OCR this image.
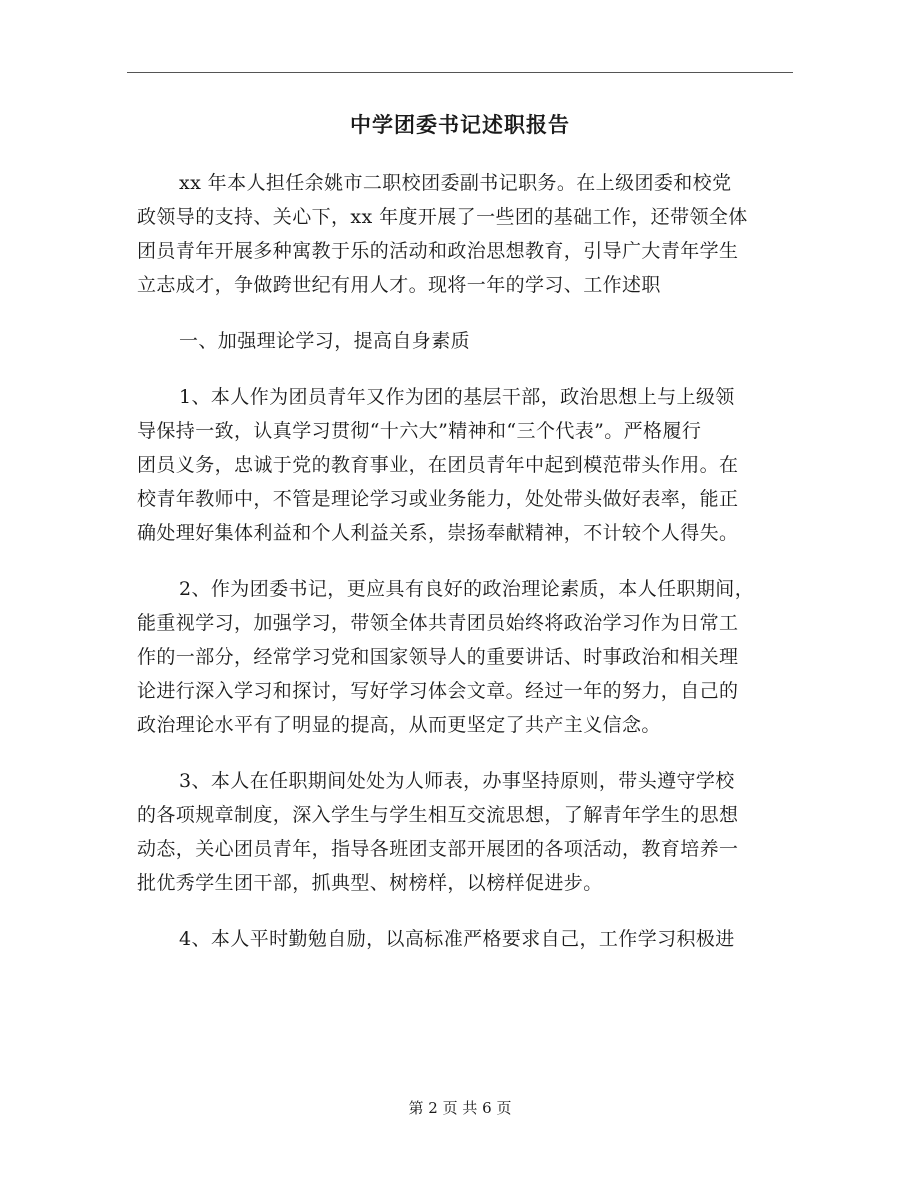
中学团委书记述职报告
xx 年本人担任余姚市二职校团委副书记职务。在上级团委和校党
政领导的支持、关心下，xx 年度开展了一些团的基础工作，还带领全体
团员青年开展多种寓教于乐的活动和政治思想教育，引导广大青年学生
立志成才，争做跨世纪有用人才。现将一年的学习、工作述职
一、加强理论学习，提高自身素质
1、本人作为团员青年又作为团的基层干部，政治思想上与上级领
导保持一致，认真学习贯彻“十六大”精神和“三个代表”。严格履行
团员义务，忠诚于党的教育事业，在团员青年中起到模范带头作用。在
校青年教师中，不管是理论学习或业务能力，处处带头做好表率，能正
确处理好集体利益和个人利益关系，崇扬奉献精神，不计较个人得失。
2、作为团委书记，更应具有良好的政治理论素质，本人任职期间，
能重视学习，加强学习，带领全体共青团员始终将政治学习作为日常工
作的一部分，经常学习党和国家领导人的重要讲话、时事政治和相关理
论进行深入学习和探讨，写好学习体会文章。经过一年的努力，自己的
政治理论水平有了明显的提高，从而更坚定了共产主义信念。
3、本人在任职期间处处为人师表，办事坚持原则，带头遵守学校
的各项规章制度，深入学生与学生相互交流思想，了解青年学生的思想
动态，关心团员青年，指导各班团支部开展团的各项活动，教育培养一
批优秀学生团干部，抓典型、树榜样，以榜样促进步。
4、本人平时勤勉自励，以高标准严格要求自己，工作学习积极进
第 2 页 共 6 页
